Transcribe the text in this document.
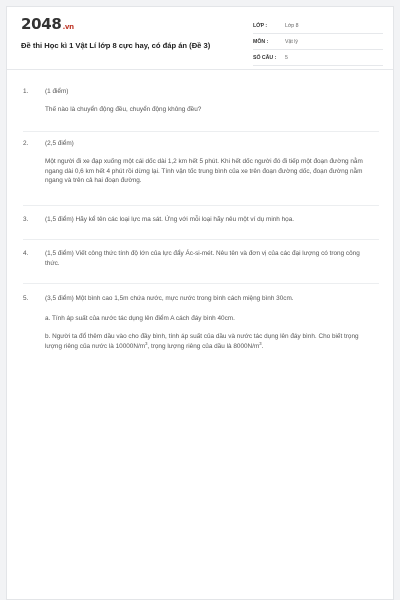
2048.vn
Đề thi Học kì 1 Vật Lí lớp 8 cực hay, có đáp án (Đề 3)
LỚP :	Lớp 8
MÔN :	Vật lý
SỐ CÂU :	5
1.	(1 điểm)
Thế nào là chuyển động đều, chuyển động không đều?
2.	(2,5 điểm)
Một người đi xe đạp xuống một cái dốc dài 1,2 km hết 5 phút. Khi hết dốc người đó đi tiếp một đoạn đường nằm ngang dài 0,6 km hết 4 phút rồi dừng lại. Tính vận tốc trung bình của xe trên đoạn đường dốc, đoạn đường nằm ngang và trên cả hai đoạn đường.
3.	(1,5 điểm) Hãy kể tên các loại lực ma sát. Ứng với mỗi loại hãy nêu một ví dụ minh họa.
4.	(1,5 điểm) Viết công thức tính độ lớn của lực đẩy Ác-si-mét. Nêu tên và đơn vị của các đại lượng có trong công thức.
5.	(3,5 điểm) Một bình cao 1,5m chứa nước, mực nước trong bình cách miệng bình 30cm.
a. Tính áp suất của nước tác dụng lên điểm A cách đáy bình 40cm.
b. Người ta đổ thêm dầu vào cho đầy bình, tính áp suất của dầu và nước tác dụng lên đáy bình. Cho biết trọng lượng riêng của nước là $10000N/m^3$, trọng lượng riêng của dầu là $8000N/m^3$.
